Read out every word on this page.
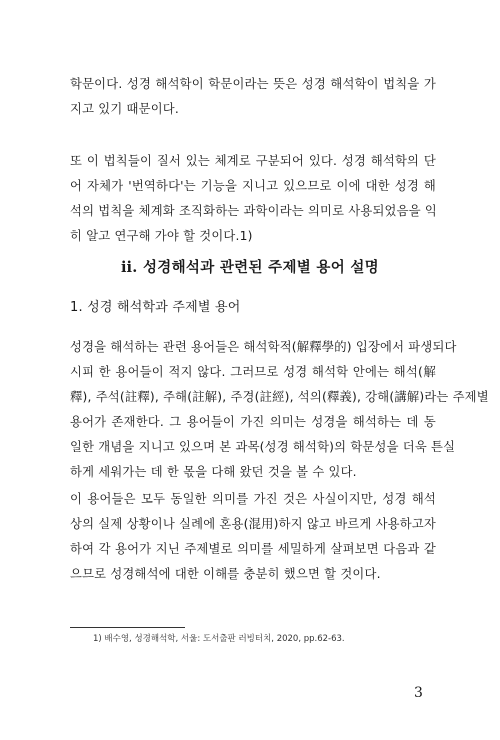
학문이다. 성경 해석학이 학문이라는 뜻은 성경 해석학이 법칙을 가
지고 있기 때문이다.
또 이 법칙들이 질서 있는 체계로 구분되어 있다. 성경 해석학의 단
어 자체가 '번역하다'는 기능을 지니고 있으므로 이에 대한 성경 해
석의 법칙을 체계화 조직화하는 과학이라는 의미로 사용되었음을 익
히 알고 연구해 가야 할 것이다.1)
ⅱ. 성경해석과 관련된 주제별 용어 설명
1. 성경 해석학과 주제별 용어
성경을 해석하는 관련 용어들은 해석학적(解釋學的) 입장에서 파생되다
시피 한 용어들이 적지 않다. 그러므로 성경 해석학 안에는 해석(解
釋), 주석(註釋), 주해(註解), 주경(註經), 석의(釋義), 강해(講解)라는 주제별
용어가 존재한다. 그 용어들이 가진 의미는 성경을 해석하는 데 동
일한 개념을 지니고 있으며 본 과목(성경 해석학)의 학문성을 더욱 튼실
하게 세워가는 데 한 몫을 다해 왔던 것을 볼 수 있다.
이 용어들은 모두 동일한 의미를 가진 것은 사실이지만, 성경 해석
상의 실제 상황이나 실례에 혼용(混用)하지 않고 바르게 사용하고자
하여 각 용어가 지닌 주제별로 의미를 세밀하게 살펴보면 다음과 같
으므로 성경해석에 대한 이해를 충분히 했으면 할 것이다.
1) 배수영, 성경해석학, 서울: 도서출판 러빙터치, 2020, pp.62-63.
3
